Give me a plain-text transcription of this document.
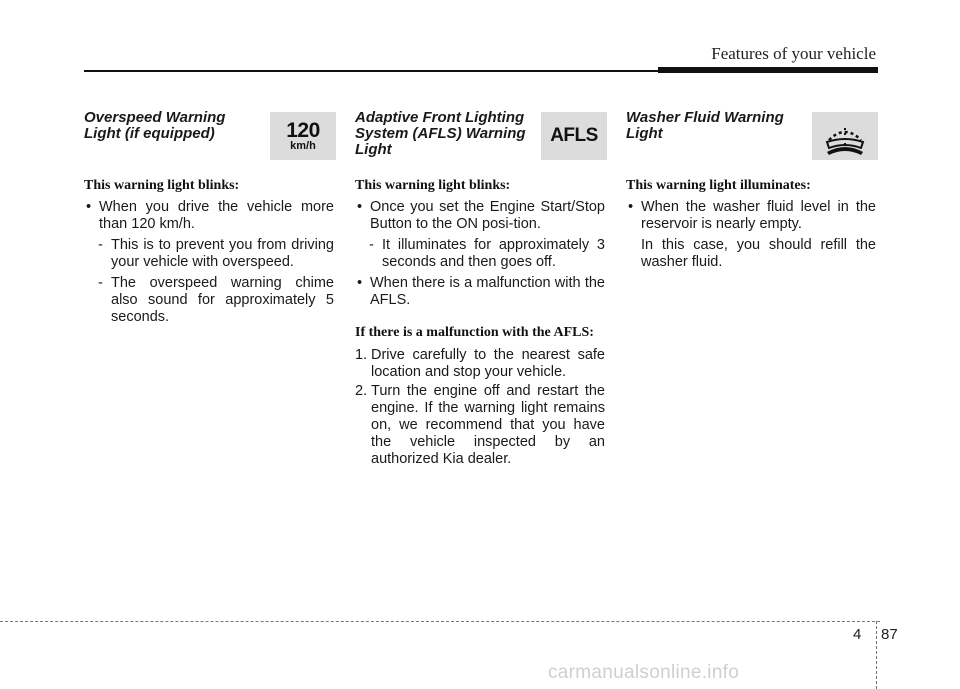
Features of your vehicle
Overspeed Warning
Light (if equipped)	120
km/h
This warning light blinks:
• When you drive the vehicle more than 120 km/h.
- This is to prevent you from driving your vehicle with overspeed.
- The overspeed warning chime also sound for approximately 5 seconds.
Adaptive Front Lighting
System (AFLS) Warning
Light
AFLS
This warning light blinks:
• Once you set the Engine Start/Stop Button to the ON posi-tion.
- It illuminates for approximately 3 seconds and then goes off.
• When there is a malfunction with the AFLS.
If there is a malfunction with the AFLS:
1. Drive carefully to the nearest safe location and stop your vehicle.
2. Turn the engine off and restart the engine. If the warning light remains on, we recommend that you have the vehicle inspected by an authorized Kia dealer.
Washer Fluid Warning
Light
This warning light illuminates:
• When the washer fluid level in the reservoir is nearly empty.
In this case, you should refill the washer fluid.
4 87
carmanualsonline.info
